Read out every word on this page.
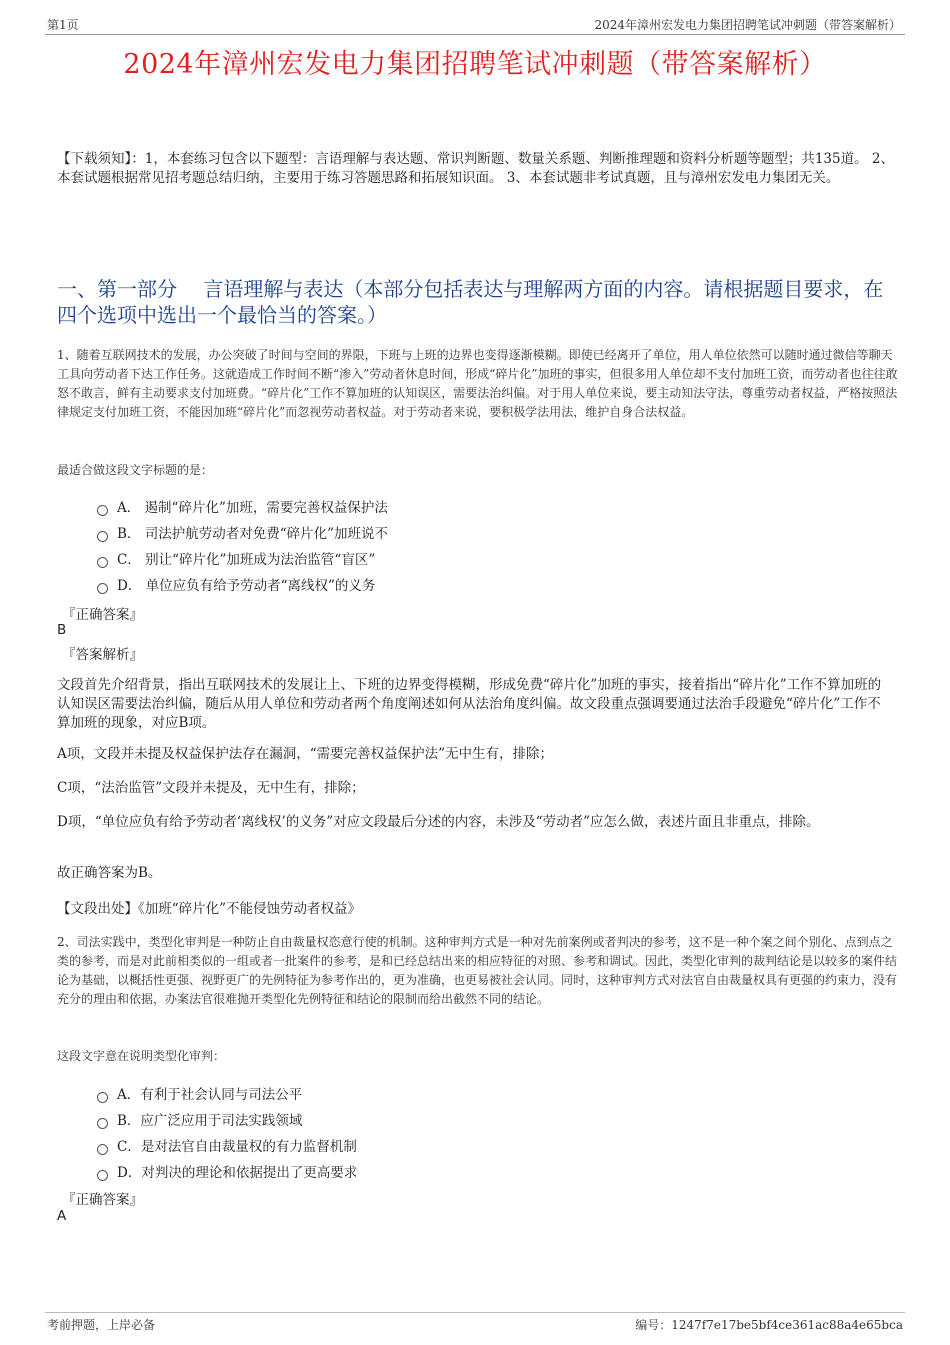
第1页	2024年漳州宏发电力集团招聘笔试冲刺题（带答案解析）
2024年漳州宏发电力集团招聘笔试冲刺题（带答案解析）
【下载须知】：1，本套练习包含以下题型：言语理解与表达题、常识判断题、数量关系题、判断推理题和资料分析题等题型；共135道。 2、本套试题根据常见招考题总结归纳，主要用于练习答题思路和拓展知识面。 3、本套试题非考试真题，且与漳州宏发电力集团无关。
一、第一部分　 言语理解与表达（本部分包括表达与理解两方面的内容。请根据题目要求，在四个选项中选出一个最恰当的答案。）
1、随着互联网技术的发展，办公突破了时间与空间的界限，下班与上班的边界也变得逐渐模糊。即使已经离开了单位，用人单位依然可以随时通过微信等聊天工具向劳动者下达工作任务。这就造成工作时间不断“渗入”劳动者休息时间，形成“碎片化”加班的事实，但很多用人单位却不支付加班工资，而劳动者也往往敢怒不敢言，鲜有主动要求支付加班费。“碎片化”工作不算加班的认知误区，需要法治纠偏。对于用人单位来说，要主动知法守法，尊重劳动者权益，严格按照法律规定支付加班工资，不能因加班“碎片化”而忽视劳动者权益。对于劳动者来说，要积极学法用法，维护自身合法权益。
最适合做这段文字标题的是：
A． 遏制“碎片化”加班，需要完善权益保护法
B． 司法护航劳动者对免费“碎片化”加班说不
C． 别让“碎片化”加班成为法治监管“盲区”
D． 单位应负有给予劳动者“离线权”的义务
『正确答案』
B
『答案解析』
文段首先介绍背景，指出互联网技术的发展让上、下班的边界变得模糊，形成免费“碎片化”加班的事实，接着指出“碎片化”工作不算加班的认知误区需要法治纠偏，随后从用人单位和劳动者两个角度阐述如何从法治角度纠偏。故文段重点强调要通过法治手段避免“碎片化”工作不算加班的现象，对应B项。
A项，文段并未提及权益保护法存在漏洞，“需要完善权益保护法”无中生有，排除；
C项，“法治监管”文段并未提及，无中生有，排除；
D项，“单位应负有给予劳动者‘离线权’的义务”对应文段最后分述的内容，未涉及“劳动者”应怎么做，表述片面且非重点，排除。
故正确答案为B。
【文段出处】《加班“碎片化”不能侵蚀劳动者权益》
2、司法实践中，类型化审判是一种防止自由裁量权恣意行使的机制。这种审判方式是一种对先前案例或者判决的参考，这不是一种个案之间个别化、点到点之类的参考，而是对此前相类似的一组或者一批案件的参考，是和已经总结出来的相应特征的对照、参考和调试。因此，类型化审判的裁判结论是以较多的案件结论为基础，以概括性更强、视野更广的先例特征为参考作出的，更为准确，也更易被社会认同。同时，这种审判方式对法官自由裁量权具有更强的约束力，没有充分的理由和依据，办案法官很难抛开类型化先例特征和结论的限制而给出截然不同的结论。
这段文字意在说明类型化审判：
A．有利于社会认同与司法公平
B．应广泛应用于司法实践领域
C．是对法官自由裁量权的有力监督机制
D．对判决的理论和依据提出了更高要求
『正确答案』
A
考前押题，上岸必备	编号：1247f7e17be5bf4ce361ac88a4e65bca
